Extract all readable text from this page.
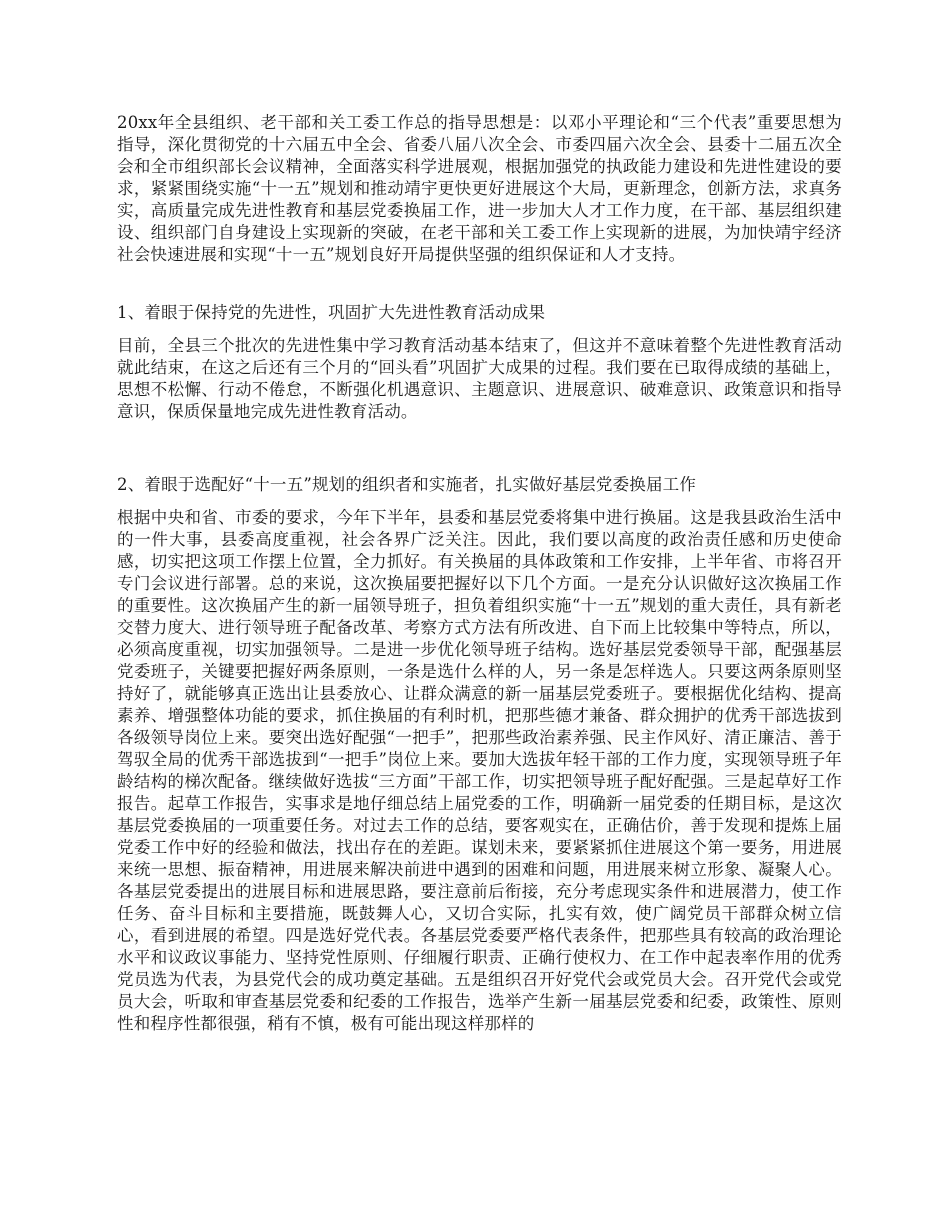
20xx年全县组织、老干部和关工委工作总的指导思想是：以邓小平理论和“三个代表”重要思想为指导，深化贯彻党的十六届五中全会、省委八届八次全会、市委四届六次全会、县委十二届五次全会和全市组织部长会议精神，全面落实科学进展观，根据加强党的执政能力建设和先进性建设的要求，紧紧围绕实施“十一五”规划和推动靖宇更快更好进展这个大局，更新理念，创新方法，求真务实，高质量完成先进性教育和基层党委换届工作，进一步加大人才工作力度，在干部、基层组织建设、组织部门自身建设上实现新的突破，在老干部和关工委工作上实现新的进展，为加快靖宇经济社会快速进展和实现“十一五”规划良好开局提供坚强的组织保证和人才支持。

1、着眼于保持党的先进性，巩固扩大先进性教育活动成果

目前，全县三个批次的先进性集中学习教育活动基本结束了，但这并不意味着整个先进性教育活动就此结束，在这之后还有三个月的“回头看”巩固扩大成果的过程。我们要在已取得成绩的基础上，思想不松懈、行动不倦怠，不断强化机遇意识、主题意识、进展意识、破难意识、政策意识和指导意识，保质保量地完成先进性教育活动。

2、着眼于选配好“十一五”规划的组织者和实施者，扎实做好基层党委换届工作

根据中央和省、市委的要求，今年下半年，县委和基层党委将集中进行换届。这是我县政治生活中的一件大事，县委高度重视，社会各界广泛关注。因此，我们要以高度的政治责任感和历史使命感，切实把这项工作摆上位置，全力抓好。有关换届的具体政策和工作安排，上半年省、市将召开专门会议进行部署。总的来说，这次换届要把握好以下几个方面。一是充分认识做好这次换届工作的重要性。这次换届产生的新一届领导班子，担负着组织实施“十一五”规划的重大责任，具有新老交替力度大、进行领导班子配备改革、考察方式方法有所改进、自下而上比较集中等特点，所以，必须高度重视，切实加强领导。二是进一步优化领导班子结构。选好基层党委领导干部，配强基层党委班子，关键要把握好两条原则，一条是选什么样的人，另一条是怎样选人。只要这两条原则坚持好了，就能够真正选出让县委放心、让群众满意的新一届基层党委班子。要根据优化结构、提高素养、增强整体功能的要求，抓住换届的有利时机，把那些德才兼备、群众拥护的优秀干部选拔到各级领导岗位上来。要突出选好配强“一把手”，把那些政治素养强、民主作风好、清正廉洁、善于驾驭全局的优秀干部选拔到“一把手”岗位上来。要加大选拔年轻干部的工作力度，实现领导班子年龄结构的梯次配备。继续做好选拔“三方面”干部工作，切实把领导班子配好配强。三是起草好工作报告。起草工作报告，实事求是地仔细总结上届党委的工作，明确新一届党委的任期目标，是这次基层党委换届的一项重要任务。对过去工作的总结，要客观实在，正确估价，善于发现和提炼上届党委工作中好的经验和做法，找出存在的差距。谋划未来，要紧紧抓住进展这个第一要务，用进展来统一思想、振奋精神，用进展来解决前进中遇到的困难和问题，用进展来树立形象、凝聚人心。各基层党委提出的进展目标和进展思路，要注意前后衔接，充分考虑现实条件和进展潜力，使工作任务、奋斗目标和主要措施，既鼓舞人心，又切合实际，扎实有效，使广阔党员干部群众树立信心，看到进展的希望。四是选好党代表。各基层党委要严格代表条件，把那些具有较高的政治理论水平和议政议事能力、坚持党性原则、仔细履行职责、正确行使权力、在工作中起表率作用的优秀党员选为代表，为县党代会的成功奠定基础。五是组织召开好党代会或党员大会。召开党代会或党员大会，听取和审查基层党委和纪委的工作报告，选举产生新一届基层党委和纪委，政策性、原则性和程序性都很强，稍有不慎，极有可能出现这样那样的
